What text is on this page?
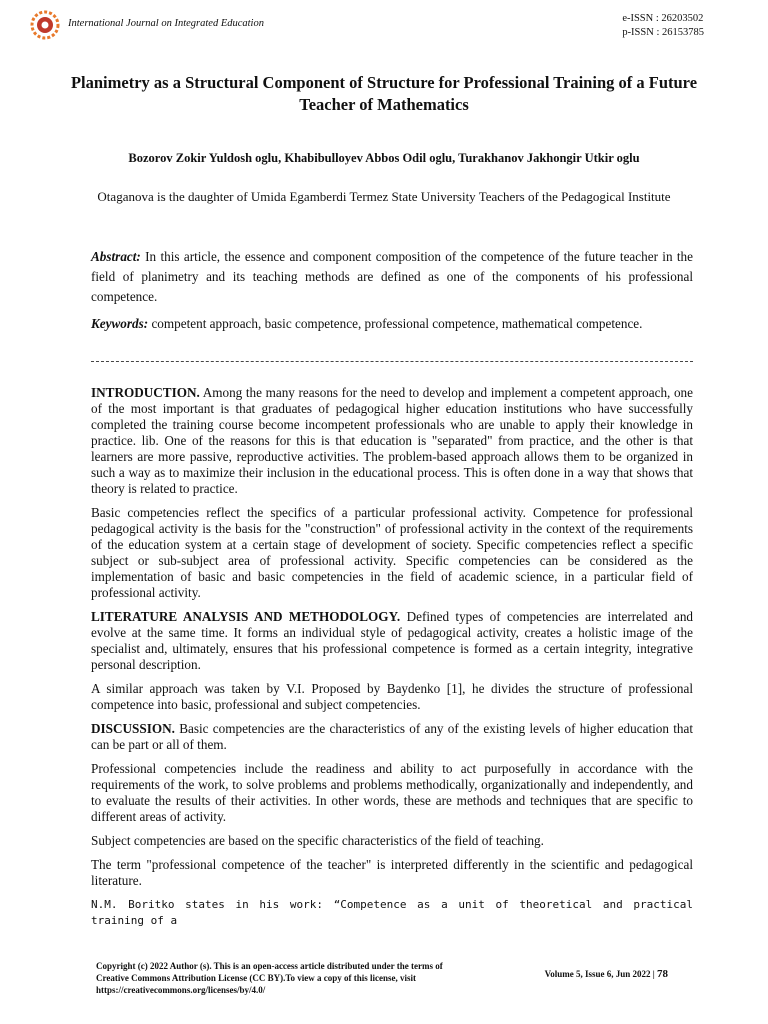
International Journal on Integrated Education	e-ISSN : 26203502
p-ISSN : 26153785
Planimetry as a Structural Component of Structure for Professional Training of a Future Teacher of Mathematics
Bozorov Zokir Yuldosh oglu, Khabibulloyev Abbos Odil oglu, Turakhanov Jakhongir Utkir oglu
Otaganova is the daughter of Umida Egamberdi Termez State University Teachers of the Pedagogical Institute
Abstract: In this article, the essence and component composition of the competence of the future teacher in the field of planimetry and its teaching methods are defined as one of the components of his professional competence.
Keywords: competent approach, basic competence, professional competence, mathematical competence.

INTRODUCTION. Among the many reasons for the need to develop and implement a competent approach, one of the most important is that graduates of pedagogical higher education institutions who have successfully completed the training course become incompetent professionals who are unable to apply their knowledge in practice. lib. One of the reasons for this is that education is "separated" from practice, and the other is that learners are more passive, reproductive activities. The problem-based approach allows them to be organized in such a way as to maximize their inclusion in the educational process. This is often done in a way that shows that theory is related to practice.

Basic competencies reflect the specifics of a particular professional activity. Competence for professional pedagogical activity is the basis for the "construction" of professional activity in the context of the requirements of the education system at a certain stage of development of society. Specific competencies reflect a specific subject or sub-subject area of professional activity. Specific competencies can be considered as the implementation of basic and basic competencies in the field of academic science, in a particular field of professional activity.

LITERATURE ANALYSIS AND METHODOLOGY. Defined types of competencies are interrelated and evolve at the same time. It forms an individual style of pedagogical activity, creates a holistic image of the specialist and, ultimately, ensures that his professional competence is formed as a certain integrity, integrative personal description.

A similar approach was taken by V.I. Proposed by Baydenko [1], he divides the structure of professional competence into basic, professional and subject competencies.

DISCUSSION. Basic competencies are the characteristics of any of the existing levels of higher education that can be part or all of them.

Professional competencies include the readiness and ability to act purposefully in accordance with the requirements of the work, to solve problems and problems methodically, organizationally and independently, and to evaluate the results of their activities. In other words, these are methods and techniques that are specific to different areas of activity.

Subject competencies are based on the specific characteristics of the field of teaching.

The term "professional competence of the teacher" is interpreted differently in the scientific and pedagogical literature.

N.M. Boritko states in his work: “Competence as a unit of theoretical and practical training of a

Copyright (c) 2022 Author (s). This is an open-access article distributed under the terms of Creative Commons Attribution License (CC BY).To view a copy of this license, visit https://creativecommons.org/licenses/by/4.0/
Volume 5, Issue 6, Jun 2022 | 78
